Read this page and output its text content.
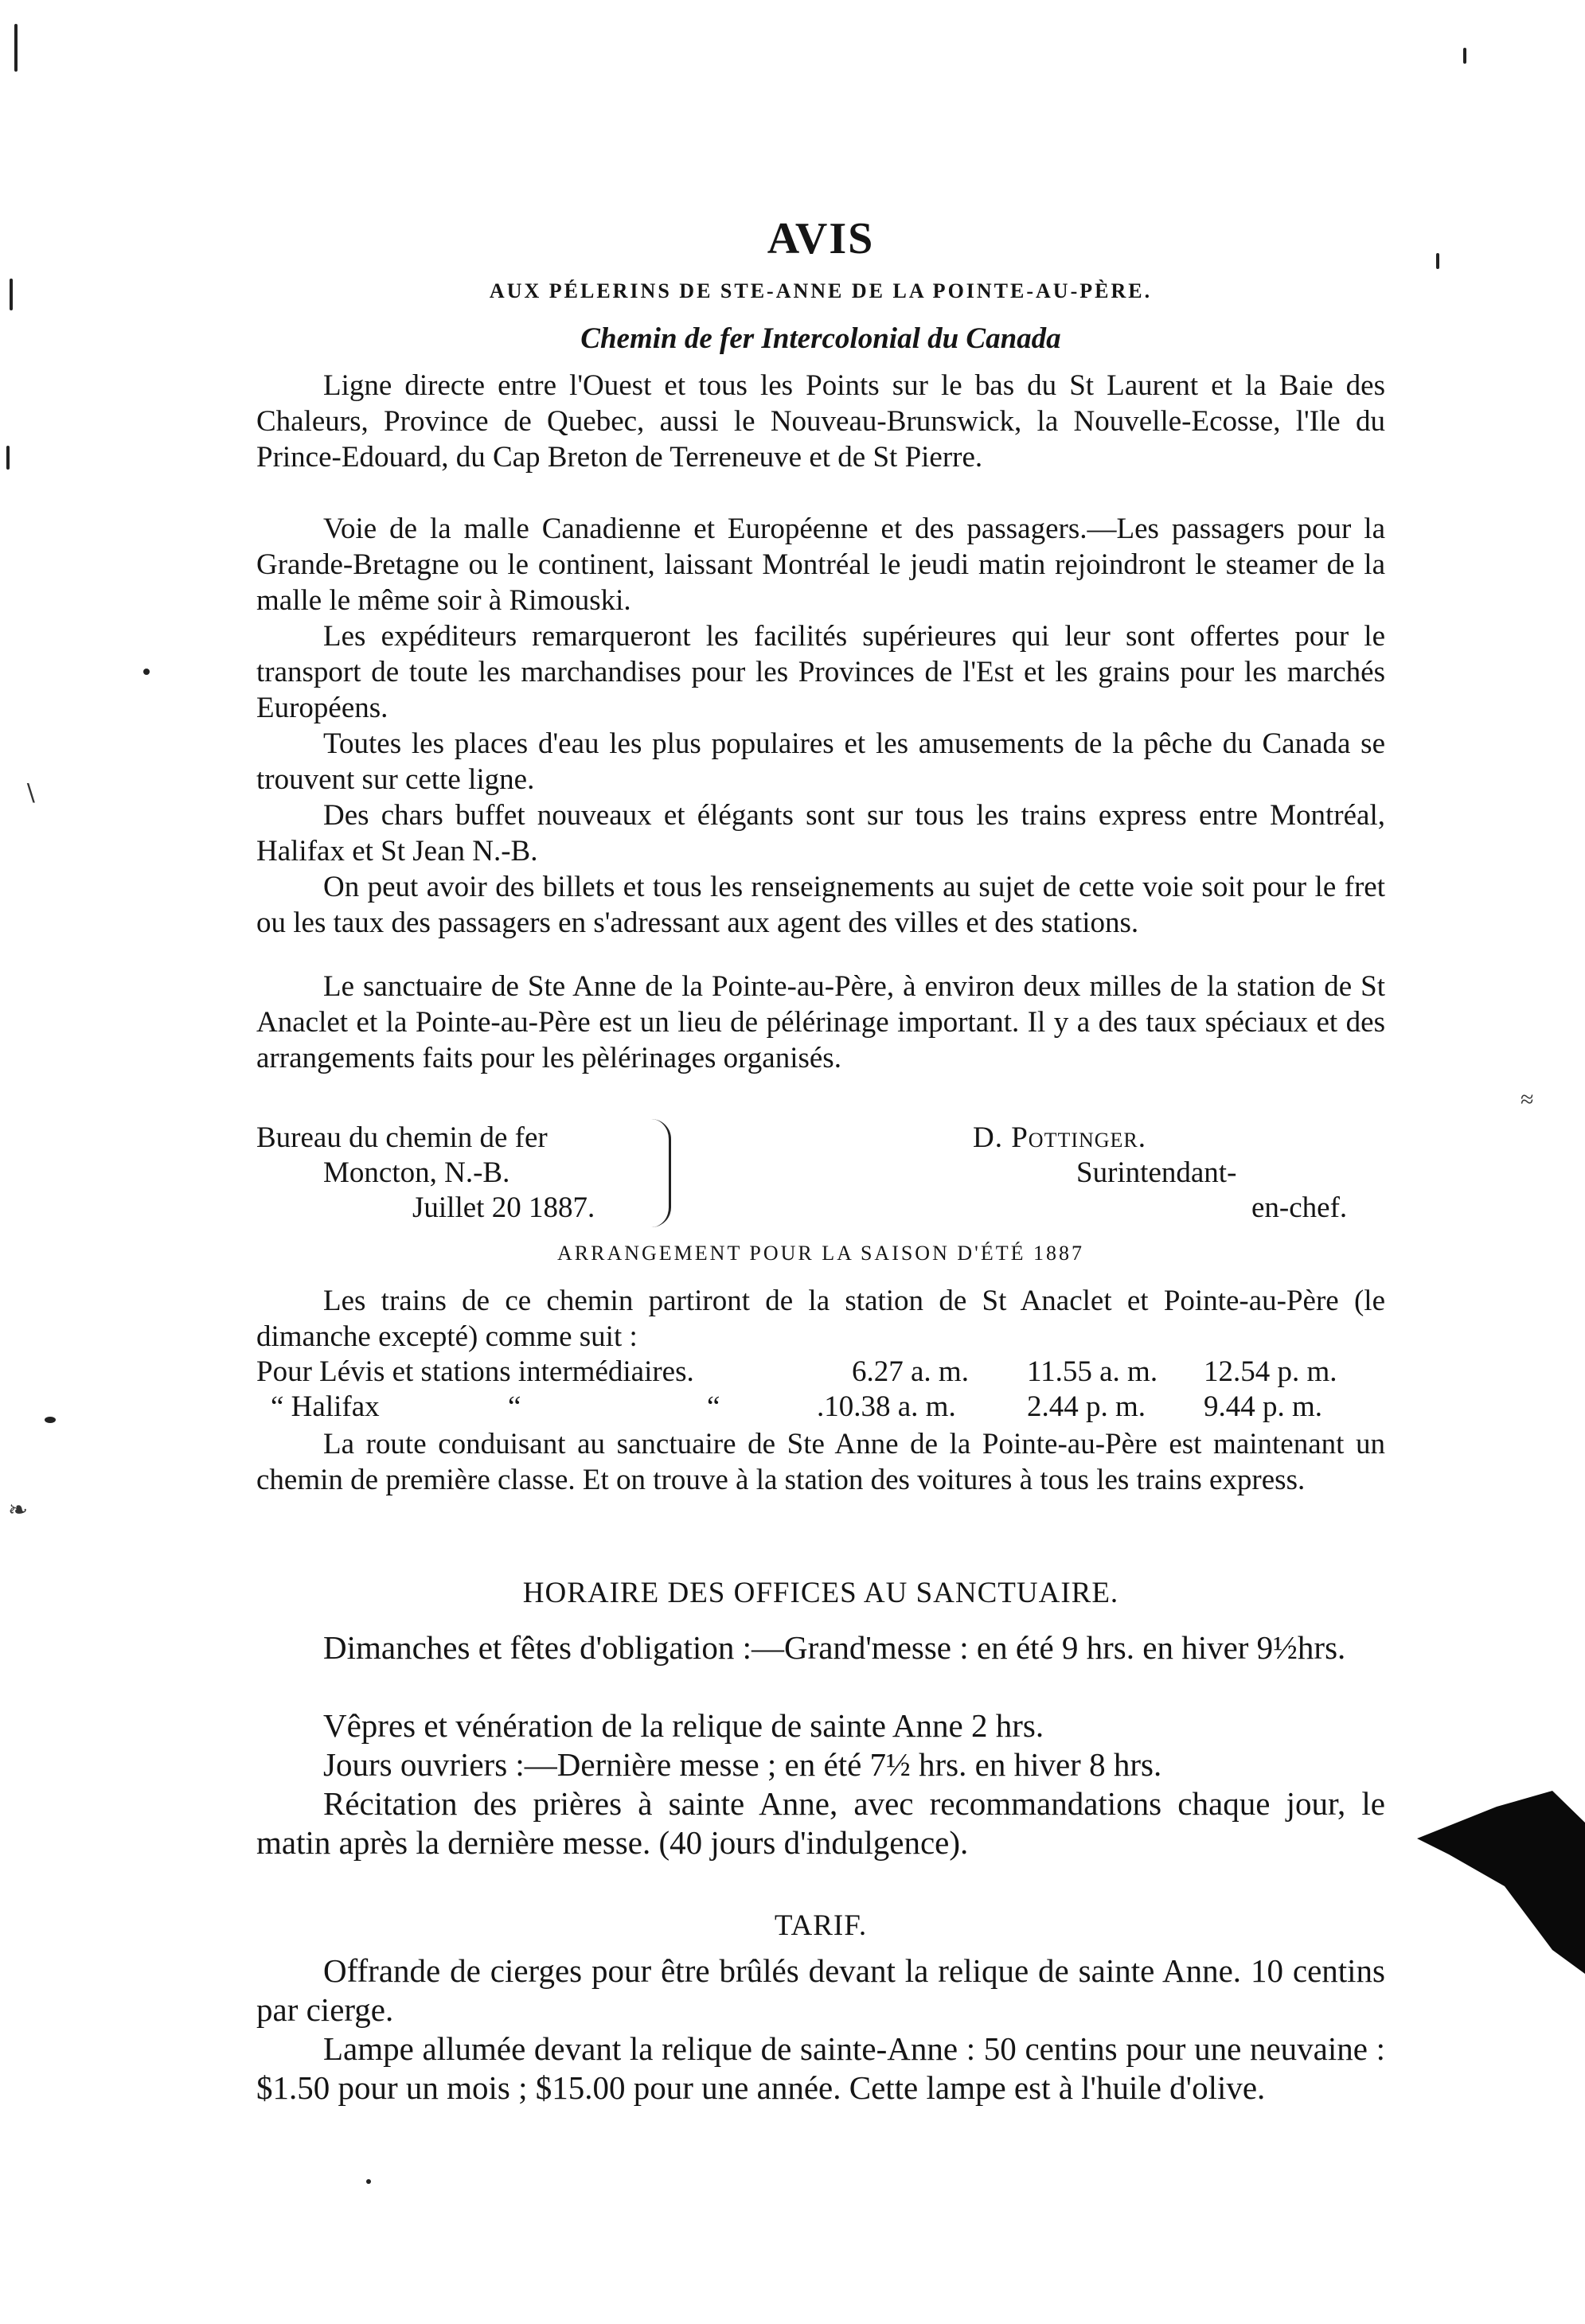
∖
❧
≈
AVIS
AUX PÉLERINS DE STE-ANNE DE LA POINTE-AU-PÈRE.
Chemin de fer Intercolonial du Canada

Ligne directe entre l'Ouest et tous les Points sur le bas du St Laurent et la Baie des Chaleurs, Province de Quebec, aussi le Nouveau-Brunswick, la Nouvelle-Ecosse, l'Ile du Prince-Edouard, du Cap Breton de Terreneuve et de St Pierre.

Voie de la malle Canadienne et Européenne et des passagers.—Les passagers pour la Grande-Bretagne ou le continent, laissant Montréal le jeudi matin rejoindront le steamer de la malle le même soir à Rimouski.

Les expéditeurs remarqueront les facilités supérieures qui leur sont offertes pour le transport de toute les marchandises pour les Provinces de l'Est et les grains pour les marchés Européens.

Toutes les places d'eau les plus populaires et les amusements de la pêche du Canada se trouvent sur cette ligne.

Des chars buffet nouveaux et élégants sont sur tous les trains express entre Montréal, Halifax et St Jean N.-B.

On peut avoir des billets et tous les renseignements au sujet de cette voie soit pour le fret ou les taux des passagers en s'adressant aux agent des villes et des stations.

Le sanctuaire de Ste Anne de la Pointe-au-Père, à environ deux milles de la station de St Anaclet et la Pointe-au-Père est un lieu de pélérinage important. Il y a des taux spéciaux et des arrangements faits pour les pèlérinages organisés.

Bureau du chemin de fer
Moncton, N.-B.
Juillet 20 1887.
D. Pottinger.
Surintendant-
en-chef.
ARRANGEMENT POUR LA SAISON D'ÉTÉ 1887

Les trains de ce chemin partiront de la station de St Anaclet et Pointe-au-Père (le dimanche excepté) comme suit :

Pour Lévis et stations intermédiaires.	6.27 a. m. 11.55 a. m. 12.54 p. m.
“ Halifax	“	“	.10.38 a. m. 2.44 p. m. 9.44 p. m.

La route conduisant au sanctuaire de Ste Anne de la Pointe-au-Père est maintenant un chemin de première classe. Et on trouve à la station des voitures à tous les trains express.

HORAIRE DES OFFICES AU SANCTUAIRE.

Dimanches et fêtes d'obligation :—Grand'messe : en été 9 hrs. en hiver 9½hrs.

Vêpres et vénération de la relique de sainte Anne 2 hrs.

Jours ouvriers :—Dernière messe ; en été 7½ hrs. en hiver 8 hrs.

Récitation des prières à sainte Anne, avec recommandations chaque jour, le matin après la dernière messe. (40 jours d'indulgence).

TARIF.

Offrande de cierges pour être brûlés devant la relique de sainte Anne. 10 centins par cierge.

Lampe allumée devant la relique de sainte-Anne : 50 centins pour une neuvaine : $1.50 pour un mois ; $15.00 pour une année. Cette lampe est à l'huile d'olive.
